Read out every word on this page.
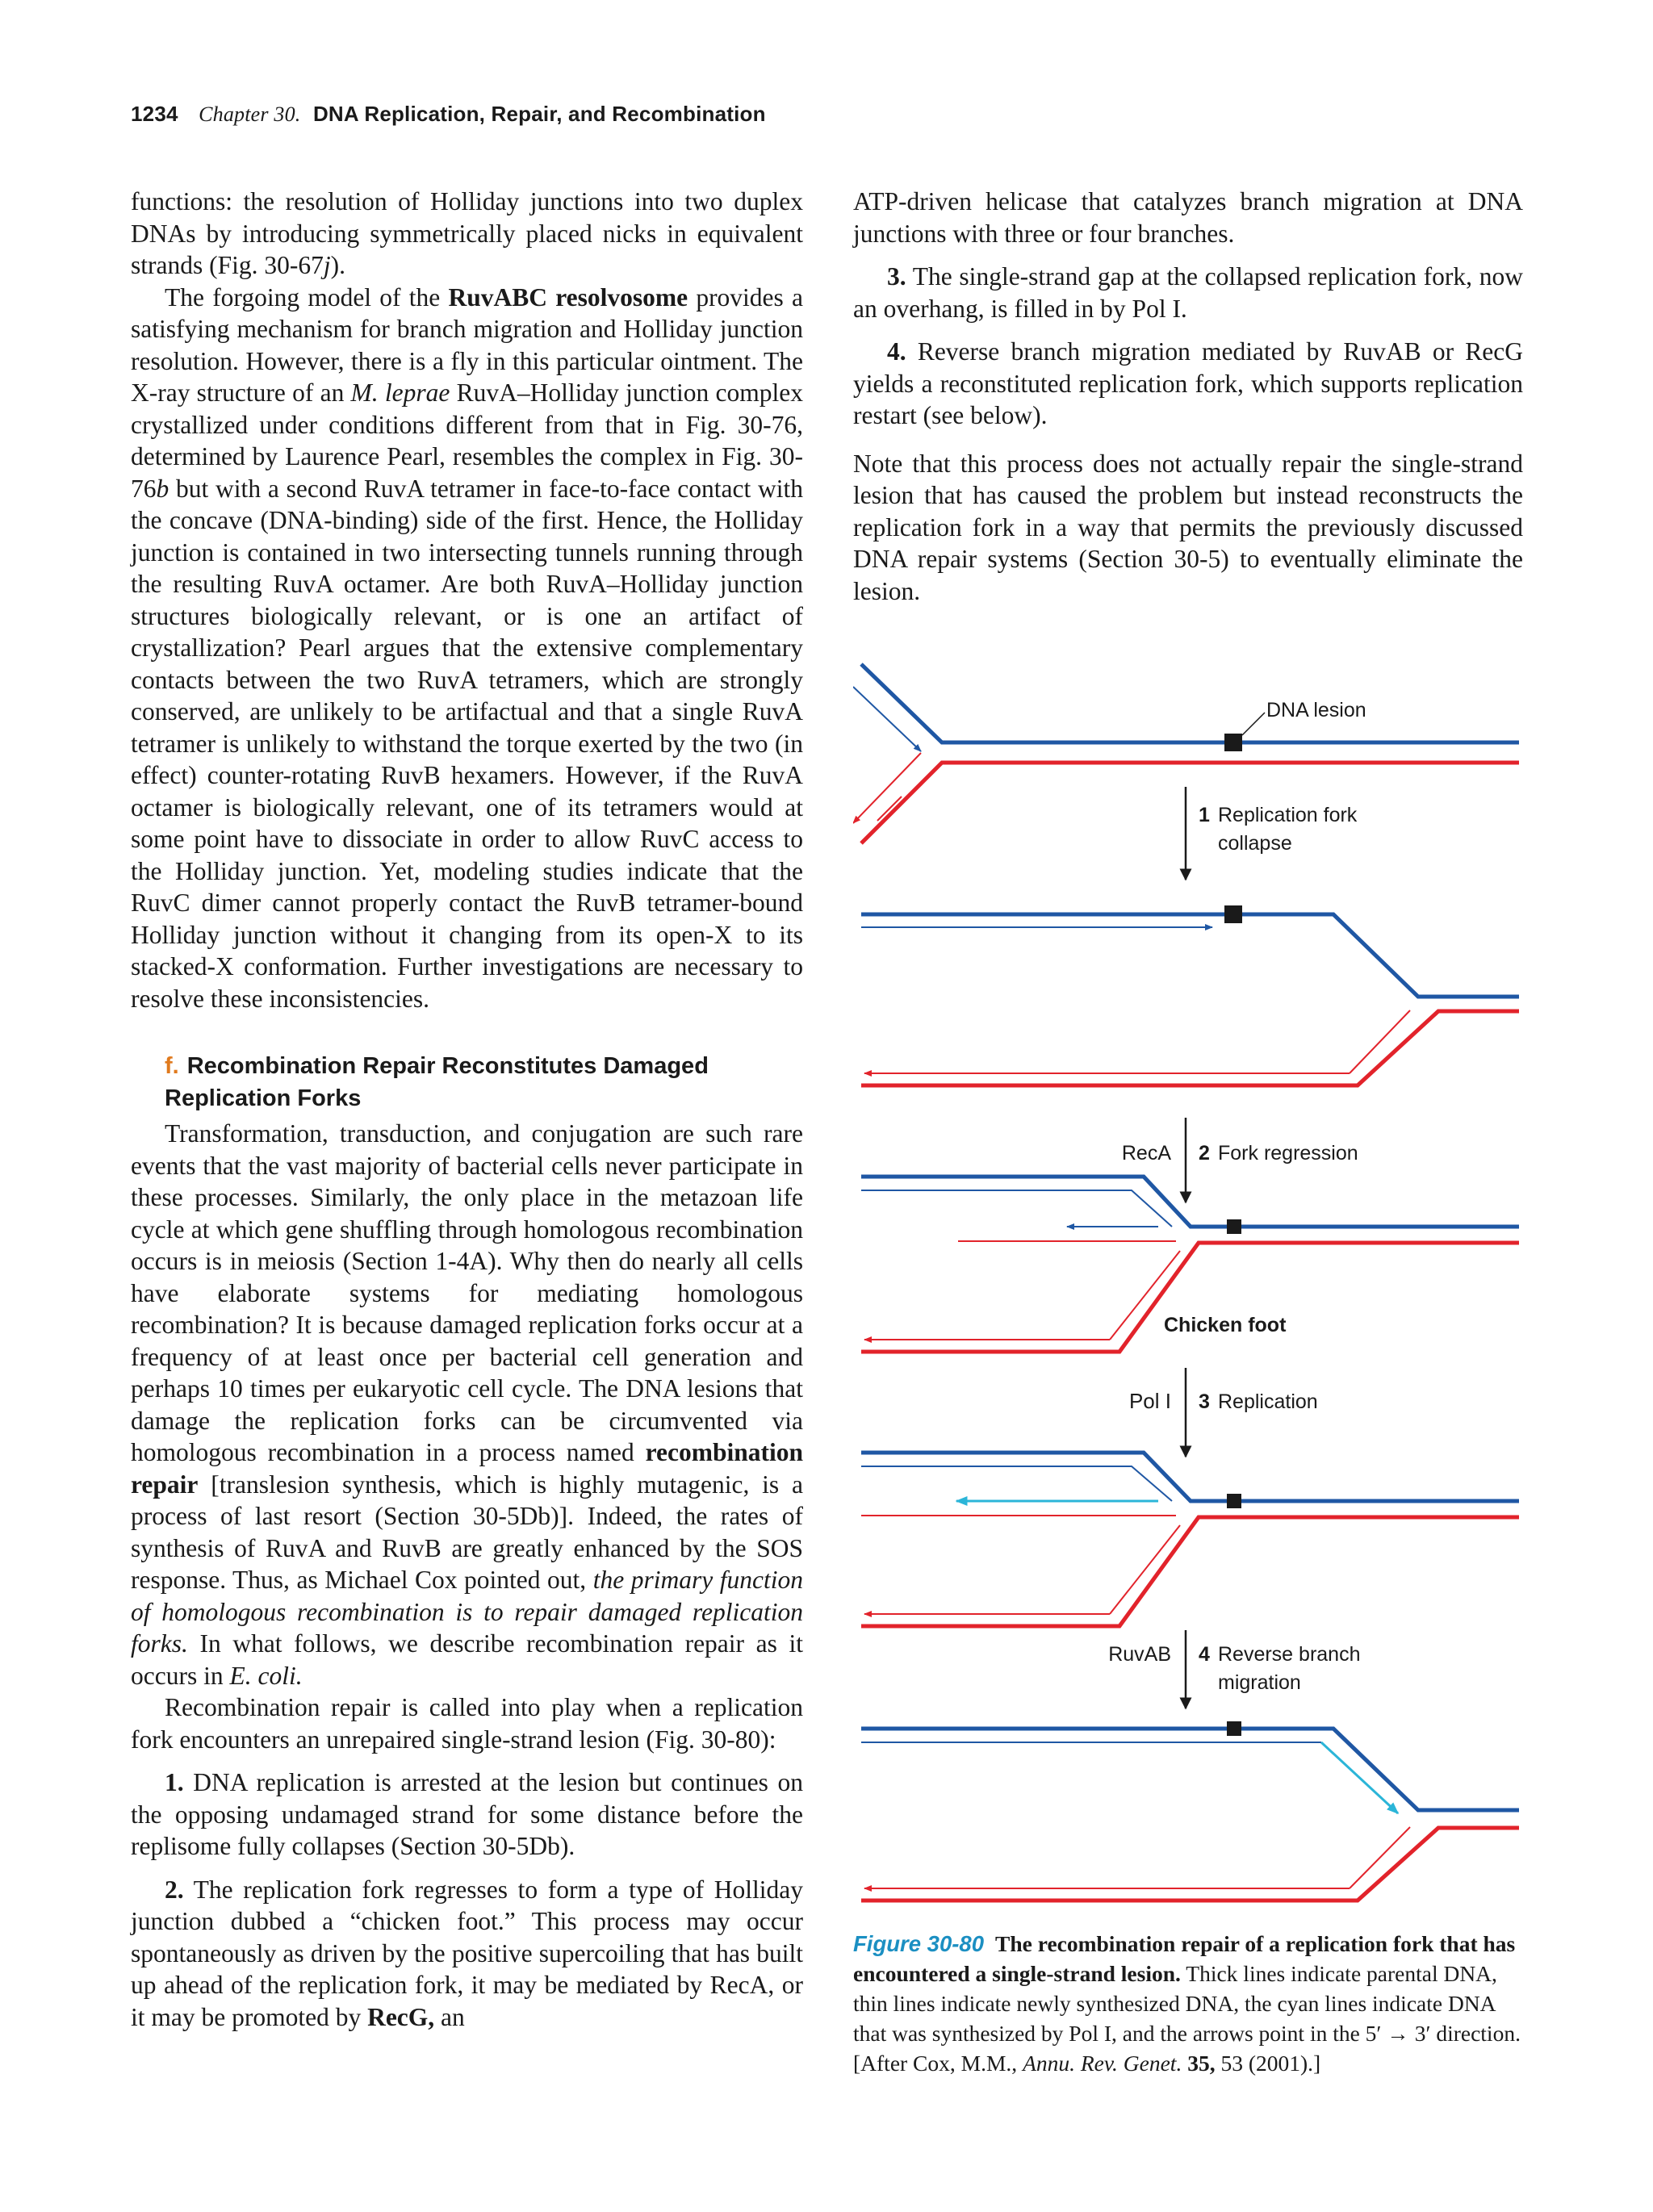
1234 Chapter 30. DNA Replication, Repair, and Recombination

functions: the resolution of Holliday junctions into two duplex DNAs by introducing symmetrically placed nicks in equivalent strands (Fig. 30-67j).

The forgoing model of the RuvABC resolvosome provides a satisfying mechanism for branch migration and Holliday junction resolution. However, there is a fly in this particular ointment. The X-ray structure of an M. leprae RuvA–Holliday junction complex crystallized under conditions different from that in Fig. 30-76, determined by Laurence Pearl, resembles the complex in Fig. 30-76b but with a second RuvA tetramer in face-to-face contact with the concave (DNA-binding) side of the first. Hence, the Holliday junction is contained in two intersecting tunnels running through the resulting RuvA octamer. Are both RuvA–Holliday junction structures biologically relevant, or is one an artifact of crystallization? Pearl argues that the extensive complementary contacts between the two RuvA tetramers, which are strongly conserved, are unlikely to be artifactual and that a single RuvA tetramer is unlikely to withstand the torque exerted by the two (in effect) counter-rotating RuvB hexamers. However, if the RuvA octamer is biologically relevant, one of its tetramers would at some point have to dissociate in order to allow RuvC access to the Holliday junction. Yet, modeling studies indicate that the RuvC dimer cannot properly contact the RuvB tetramer-bound Holliday junction without it changing from its open-X to its stacked-X conformation. Further investigations are necessary to resolve these inconsistencies.

f. Recombination Repair Reconstitutes Damaged Replication Forks

Transformation, transduction, and conjugation are such rare events that the vast majority of bacterial cells never participate in these processes. Similarly, the only place in the metazoan life cycle at which gene shuffling through homologous recombination occurs is in meiosis (Section 1-4A). Why then do nearly all cells have elaborate systems for mediating homologous recombination? It is because damaged replication forks occur at a frequency of at least once per bacterial cell generation and perhaps 10 times per eukaryotic cell cycle. The DNA lesions that damage the replication forks can be circumvented via homologous recombination in a process named recombination repair [translesion synthesis, which is highly mutagenic, is a process of last resort (Section 30-5Db)]. Indeed, the rates of synthesis of RuvA and RuvB are greatly enhanced by the SOS response. Thus, as Michael Cox pointed out, the primary function of homologous recombination is to repair damaged replication forks. In what follows, we describe recombination repair as it occurs in E. coli.

Recombination repair is called into play when a replication fork encounters an unrepaired single-strand lesion (Fig. 30-80):

1. DNA replication is arrested at the lesion but continues on the opposing undamaged strand for some distance before the replisome fully collapses (Section 30-5Db).

2. The replication fork regresses to form a type of Holliday junction dubbed a “chicken foot.” This process may occur spontaneously as driven by the positive supercoiling that has built up ahead of the replication fork, it may be mediated by RecA, or it may be promoted by RecG, an

ATP-driven helicase that catalyzes branch migration at DNA junctions with three or four branches.

3. The single-strand gap at the collapsed replication fork, now an overhang, is filled in by Pol I.

4. Reverse branch migration mediated by RuvAB or RecG yields a reconstituted replication fork, which supports replication restart (see below).

Note that this process does not actually repair the single-strand lesion that has caused the problem but instead reconstructs the replication fork in a way that permits the previously discussed DNA repair systems (Section 30-5) to eventually eliminate the lesion.

DNA lesion
1 Replication fork
collapse
RecA 2 Fork regression
Chicken foot
Pol I 3 Replication
RuvAB 4 Reverse branch
migration
Figure 30-80 The recombination repair of a replication fork that has encountered a single-strand lesion. Thick lines indicate parental DNA, thin lines indicate newly synthesized DNA, the cyan lines indicate DNA that was synthesized by Pol I, and the arrows point in the 5′ → 3′ direction. [After Cox, M.M., Annu. Rev. Genet. 35, 53 (2001).]
